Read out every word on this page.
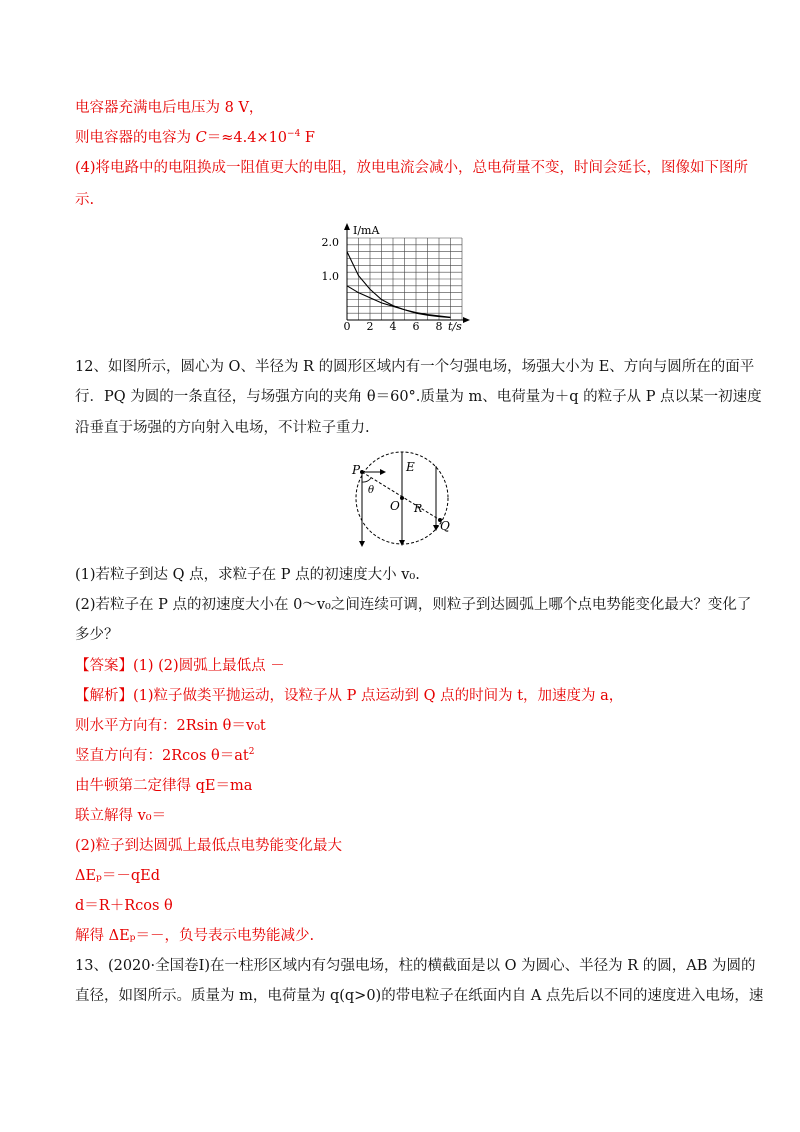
电容器充满电后电压为 8 V，
则电容器的电容为 $C=\approx 4.4\times 10^{-4}$ F
(4)将电路中的电阻换成一阻值更大的电阻，放电电流会减小，总电荷量不变，时间会延长，图像如下图所
示.
I/mA
2.0
1.0
0 2 4 6 8 t/s
12、如图所示，圆心为 O、半径为 R 的圆形区域内有一个匀强电场，场强大小为 E、方向与圆所在的面平
行．PQ 为圆的一条直径，与场强方向的夹角 θ＝60°.质量为 m、电荷量为＋q 的粒子从 P 点以某一初速度
沿垂直于场强的方向射入电场，不计粒子重力.
P
O
Q
E
R
θ
(1)若粒子到达 Q 点，求粒子在 P 点的初速度大小 v₀.
(2)若粒子在 P 点的初速度大小在 0～v₀之间连续可调，则粒子到达圆弧上哪个点电势能变化最大？变化了
多少？
【答案】(1) (2)圆弧上最低点 －
【解析】(1)粒子做类平抛运动，设粒子从 P 点运动到 Q 点的时间为 t，加速度为 a，
则水平方向有：2Rsin θ＝v₀t
竖直方向有：2Rcos $\theta=at^2$
由牛顿第二定律得 qE＝ma
联立解得 v₀＝
(2)粒子到达圆弧上最低点电势能变化最大
ΔEₚ＝－qEd
d＝R＋Rcos θ
解得 ΔEₚ＝－，负号表示电势能减少.
13、(2020·全国卷Ⅰ)在一柱形区域内有匀强电场，柱的横截面是以 O 为圆心、半径为 R 的圆，AB 为圆的
直径，如图所示。质量为 m，电荷量为 q(q>0)的带电粒子在纸面内自 A 点先后以不同的速度进入电场，速
